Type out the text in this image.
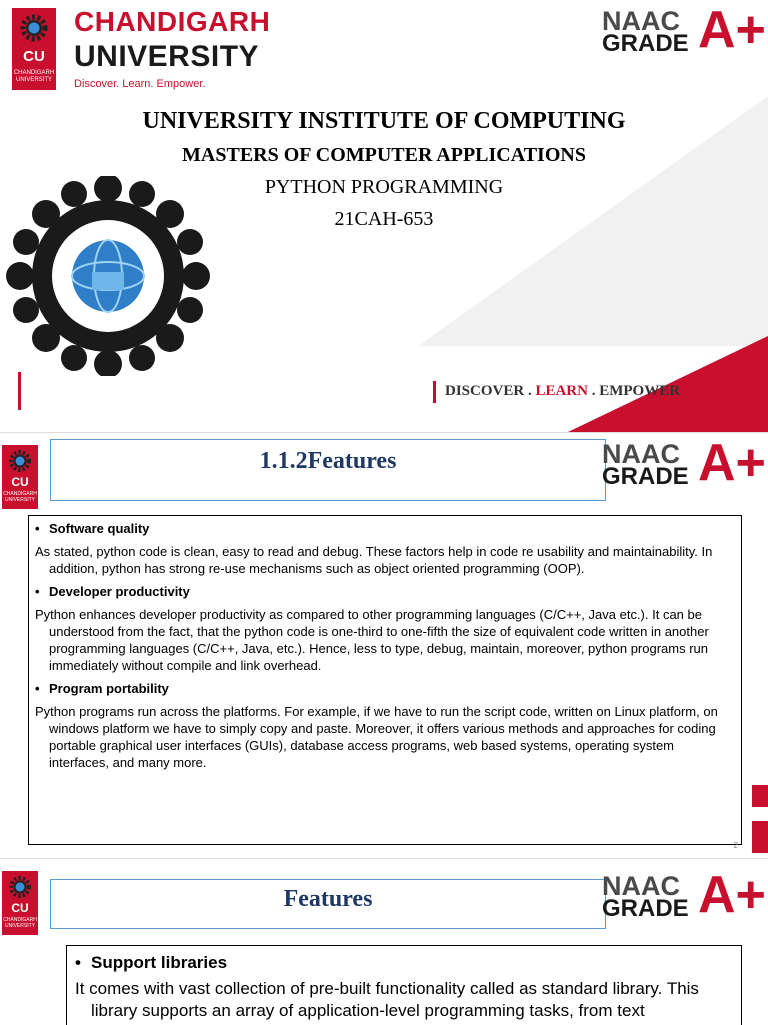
CU
CHANDIGARH UNIVERSITY
CHANDIGARH
UNIVERSITY
Discover. Learn. Empower.
NAAC
GRADE A+
UNIVERSITY INSTITUTE OF COMPUTING
MASTERS OF COMPUTER APPLICATIONS
PYTHON PROGRAMMING
21CAH-653
DISCOVER . LEARN . EMPOWER
CU
CHANDIGARH UNIVERSITY
1.1.2Features	NAAC
GRADE A+
• Software quality
As stated, python code is clean, easy to read and debug. These factors help in code re usability and maintainability. In addition, python has strong re-use mechanisms such as object oriented programming (OOP).
• Developer productivity
Python enhances developer productivity as compared to other programming languages (C/C++, Java etc.). It can be understood from the fact, that the python code is one-third to one-fifth the size of equivalent code written in another programming languages (C/C++, Java, etc.). Hence, less to type, debug, maintain, moreover, python programs run immediately without compile and link overhead.
• Program portability
Python programs run across the platforms. For example, if we have to run the script code, written on Linux platform, on windows platform we have to simply copy and paste. Moreover, it offers various methods and approaches for coding portable graphical user interfaces (GUIs), database access programs, web based systems, operating system interfaces, and many more.
2
CU
CHANDIGARH UNIVERSITY
Features	NAAC
GRADE A+
• Support libraries
It comes with vast collection of pre-built functionality called as standard library. This library supports an array of application-level programming tasks, from text
